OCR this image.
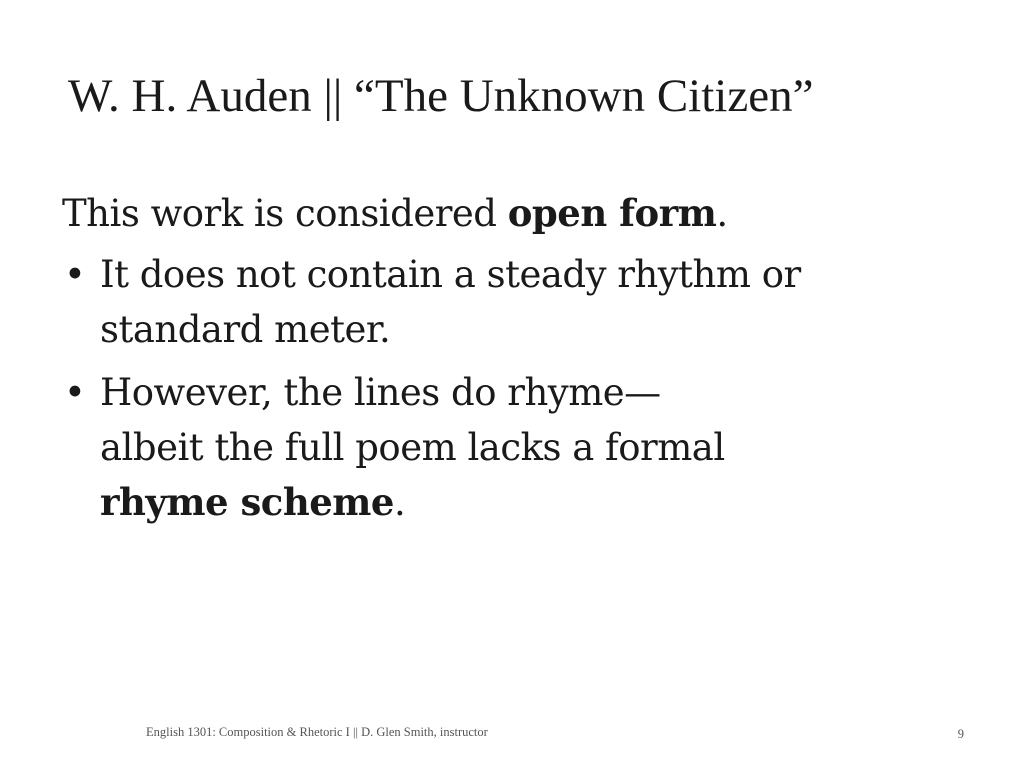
W. H. Auden || “The Unknown Citizen”

This work is considered open form.

• It does not contain a steady rhythm or
standard meter.
• However, the lines do rhyme—
albeit the full poem lacks a formal
rhyme scheme.
English 1301: Composition & Rhetoric I || D. Glen Smith, instructor	9
